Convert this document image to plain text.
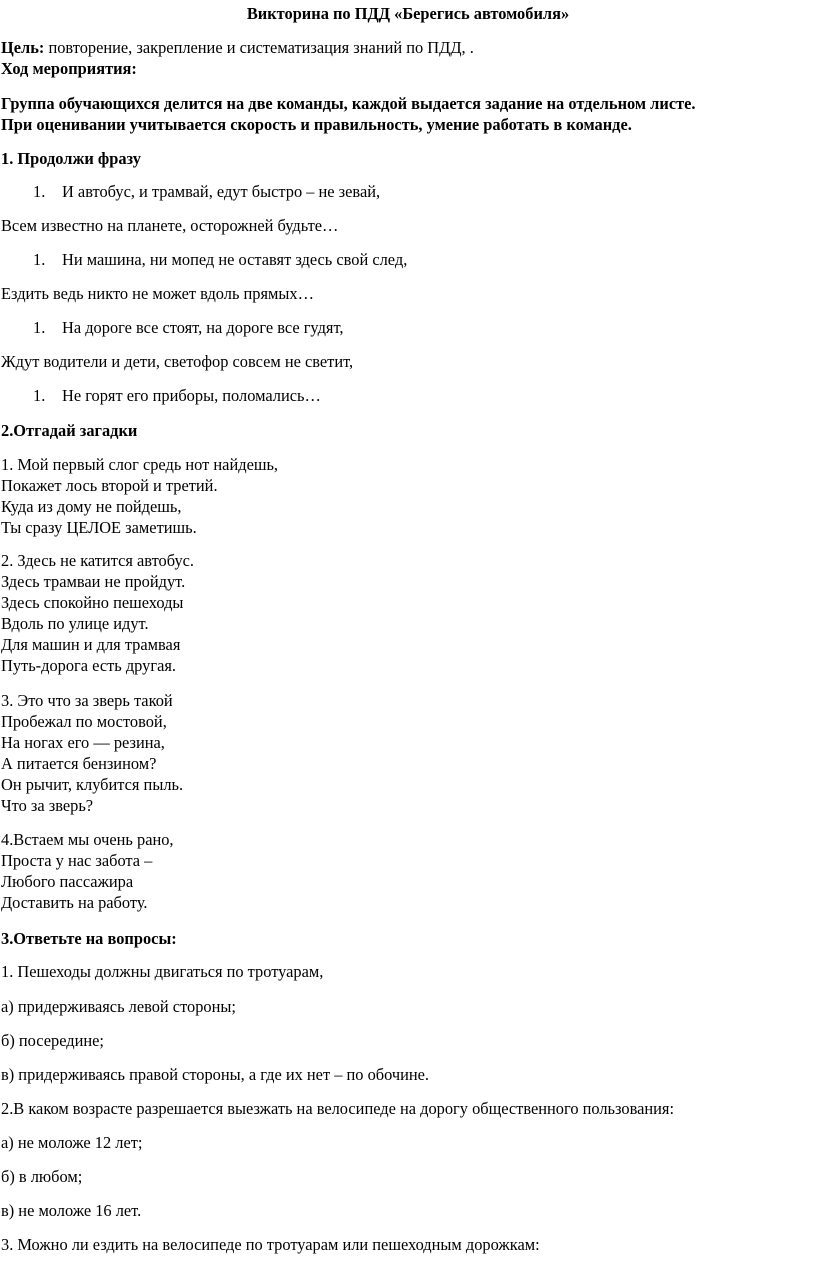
Викторина по ПДД «Берегись автомобиля»
Цель: повторение, закрепление и систематизация знаний по ПДД, .
Ход мероприятия:
Группа обучающихся делится на две команды, каждой выдается задание на отдельном листе.
При оценивании учитывается скорость и правильность, умение работать в команде.
1. Продолжи фразу
1. И автобус, и трамвай, едут быстро – не зевай,
Всем известно на планете, осторожней будьте…
1. Ни машина, ни мопед не оставят здесь свой след,
Ездить ведь никто не может вдоль прямых…
1. На дороге все стоят, на дороге все гудят,
Ждут водители и дети, светофор совсем не светит,
1. Не горят его приборы, поломались…
2.Отгадай загадки
1. Мой первый слог средь нот найдешь,
Покажет лось второй и третий.
Куда из дому не пойдешь,
Ты сразу ЦЕЛОЕ заметишь.
2. Здесь не катится автобус.
Здесь трамваи не пройдут.
Здесь спокойно пешеходы
Вдоль по улице идут.
Для машин и для трамвая
Путь-дорога есть другая.
3. Это что за зверь такой
Пробежал по мостовой,
На ногах его — резина,
А питается бензином?
Он рычит, клубится пыль.
Что за зверь?
4.Встаем мы очень рано,
Проста у нас забота –
Любого пассажира
Доставить на работу.
3.Ответьте на вопросы:
1. Пешеходы должны двигаться по тротуарам,
а) придерживаясь левой стороны;
б) посередине;
в) придерживаясь правой стороны, а где их нет – по обочине.
2.В каком возрасте разрешается выезжать на велосипеде на дорогу общественного пользования:
а) не моложе 12 лет;
б) в любом;
в) не моложе 16 лет.
3. Можно ли ездить на велосипеде по тротуарам или пешеходным дорожкам:
